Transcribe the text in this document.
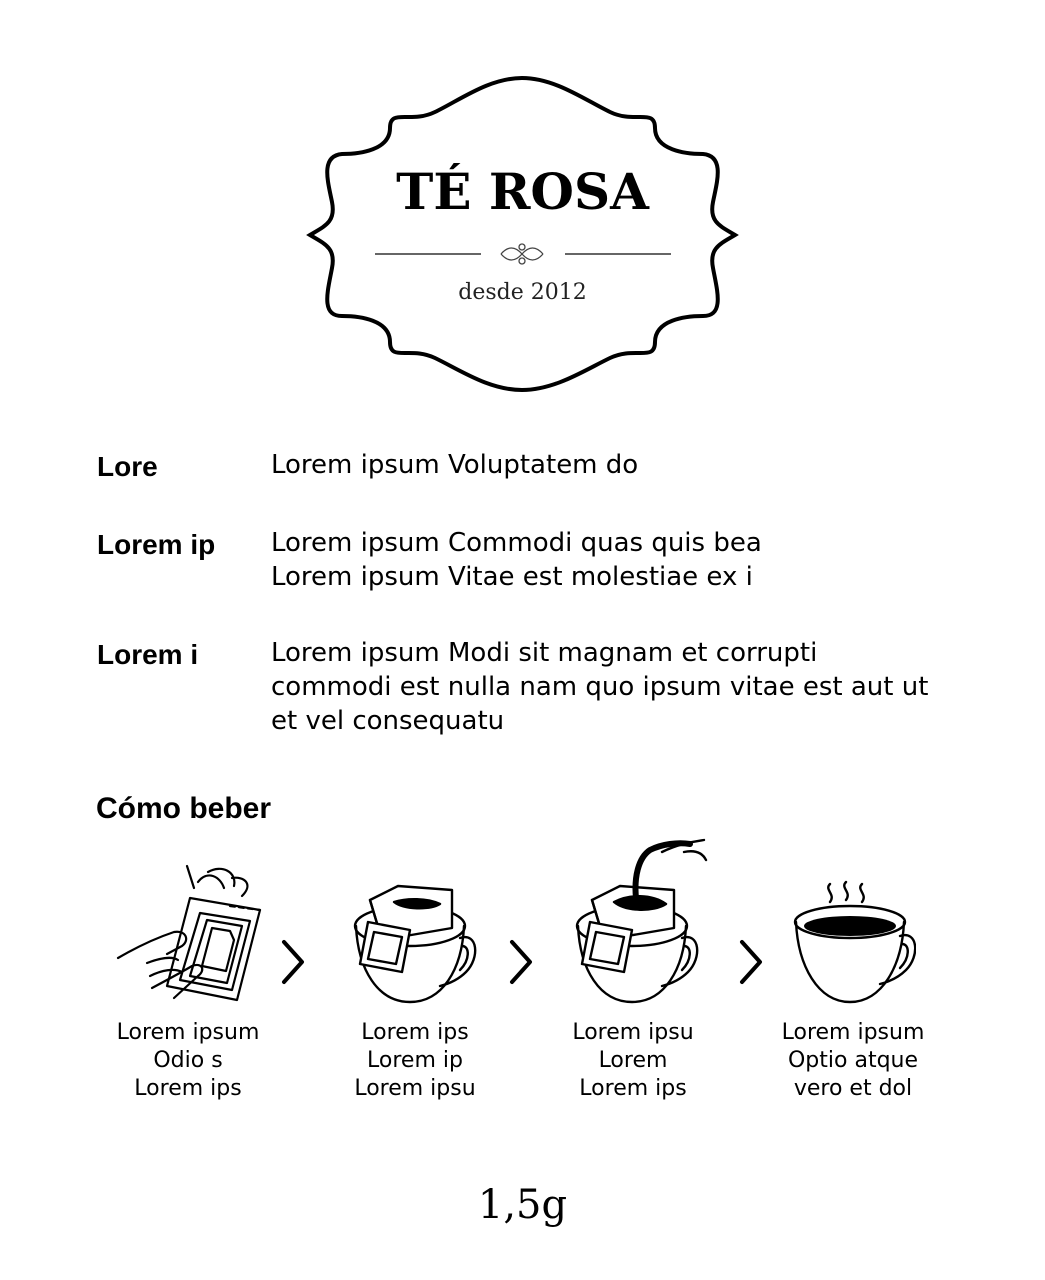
TÉ ROSA
desde 2012
Lore	Lorem ipsum Voluptatem do
Lorem ip	Lorem ipsum Commodi quas quis bea
Lorem ipsum Vitae est molestiae ex i
Lorem i	Lorem ipsum Modi sit magnam et corrupti
commodi est nulla nam quo ipsum vitae est aut ut
et vel consequatu
Cómo beber
Lorem ipsum
Odio s
Lorem ips
Lorem ips
Lorem ip
Lorem ipsu
Lorem ipsu
Lorem
Lorem ips
Lorem ipsum
Optio atque
vero et dol
1,5g
